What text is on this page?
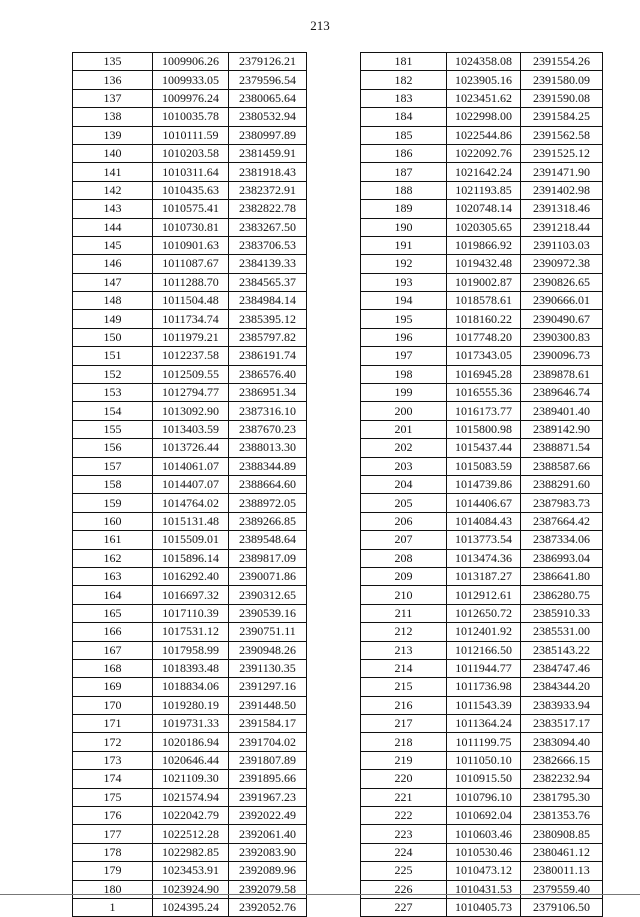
213
135	1009906.26	2379126.21
136	1009933.05	2379596.54
137	1009976.24	2380065.64
138	1010035.78	2380532.94
139	1010111.59	2380997.89
140	1010203.58	2381459.91
141	1010311.64	2381918.43
142	1010435.63	2382372.91
143	1010575.41	2382822.78
144	1010730.81	2383267.50
145	1010901.63	2383706.53
146	1011087.67	2384139.33
147	1011288.70	2384565.37
148	1011504.48	2384984.14
149	1011734.74	2385395.12
150	1011979.21	2385797.82
151	1012237.58	2386191.74
152	1012509.55	2386576.40
153	1012794.77	2386951.34
154	1013092.90	2387316.10
155	1013403.59	2387670.23
156	1013726.44	2388013.30
157	1014061.07	2388344.89
158	1014407.07	2388664.60
159	1014764.02	2388972.05
160	1015131.48	2389266.85
161	1015509.01	2389548.64
162	1015896.14	2389817.09
163	1016292.40	2390071.86
164	1016697.32	2390312.65
165	1017110.39	2390539.16
166	1017531.12	2390751.11
167	1017958.99	2390948.26
168	1018393.48	2391130.35
169	1018834.06	2391297.16
170	1019280.19	2391448.50
171	1019731.33	2391584.17
172	1020186.94	2391704.02
173	1020646.44	2391807.89
174	1021109.30	2391895.66
175	1021574.94	2391967.23
176	1022042.79	2392022.49
177	1022512.28	2392061.40
178	1022982.85	2392083.90
179	1023453.91	2392089.96
180	1023924.90	2392079.58
1	1024395.24	2392052.76
181	1024358.08	2391554.26
182	1023905.16	2391580.09
183	1023451.62	2391590.08
184	1022998.00	2391584.25
185	1022544.86	2391562.58
186	1022092.76	2391525.12
187	1021642.24	2391471.90
188	1021193.85	2391402.98
189	1020748.14	2391318.46
190	1020305.65	2391218.44
191	1019866.92	2391103.03
192	1019432.48	2390972.38
193	1019002.87	2390826.65
194	1018578.61	2390666.01
195	1018160.22	2390490.67
196	1017748.20	2390300.83
197	1017343.05	2390096.73
198	1016945.28	2389878.61
199	1016555.36	2389646.74
200	1016173.77	2389401.40
201	1015800.98	2389142.90
202	1015437.44	2388871.54
203	1015083.59	2388587.66
204	1014739.86	2388291.60
205	1014406.67	2387983.73
206	1014084.43	2387664.42
207	1013773.54	2387334.06
208	1013474.36	2386993.04
209	1013187.27	2386641.80
210	1012912.61	2386280.75
211	1012650.72	2385910.33
212	1012401.92	2385531.00
213	1012166.50	2385143.22
214	1011944.77	2384747.46
215	1011736.98	2384344.20
216	1011543.39	2383933.94
217	1011364.24	2383517.17
218	1011199.75	2383094.40
219	1011050.10	2382666.15
220	1010915.50	2382232.94
221	1010796.10	2381795.30
222	1010692.04	2381353.76
223	1010603.46	2380908.85
224	1010530.46	2380461.12
225	1010473.12	2380011.13
226	1010431.53	2379559.40
227	1010405.73	2379106.50
